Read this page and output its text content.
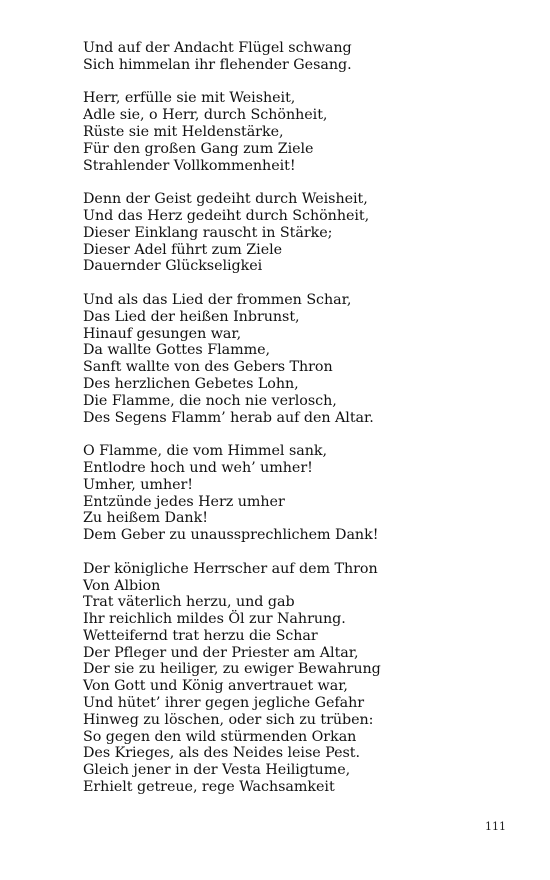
Und auf der Andacht Flügel schwang
Sich himmelan ihr flehender Gesang.
Herr, erfülle sie mit Weisheit,
Adle sie, o Herr, durch Schönheit,
Rüste sie mit Heldenstärke,
Für den großen Gang zum Ziele
Strahlender Vollkommenheit!
Denn der Geist gedeiht durch Weisheit,
Und das Herz gedeiht durch Schönheit,
Dieser Einklang rauscht in Stärke;
Dieser Adel führt zum Ziele
Dauernder Glückseligkei
Und als das Lied der frommen Schar,
Das Lied der heißen Inbrunst,
Hinauf gesungen war,
Da wallte Gottes Flamme,
Sanft wallte von des Gebers Thron
Des herzlichen Gebetes Lohn,
Die Flamme, die noch nie verlosch,
Des Segens Flamm’ herab auf den Altar.
O Flamme, die vom Himmel sank,
Entlodre hoch und weh’ umher!
Umher, umher!
Entzünde jedes Herz umher
Zu heißem Dank!
Dem Geber zu unaussprechlichem Dank!
Der königliche Herrscher auf dem Thron
Von Albion
Trat väterlich herzu, und gab
Ihr reichlich mildes Öl zur Nahrung.
Wetteifernd trat herzu die Schar
Der Pfleger und der Priester am Altar,
Der sie zu heiliger, zu ewiger Bewahrung
Von Gott und König anvertrauet war,
Und hütet’ ihrer gegen jegliche Gefahr
Hinweg zu löschen, oder sich zu trüben:
So gegen den wild stürmenden Orkan
Des Krieges, als des Neides leise Pest.
Gleich jener in der Vesta Heiligtume,
Erhielt getreue, rege Wachsamkeit
111
